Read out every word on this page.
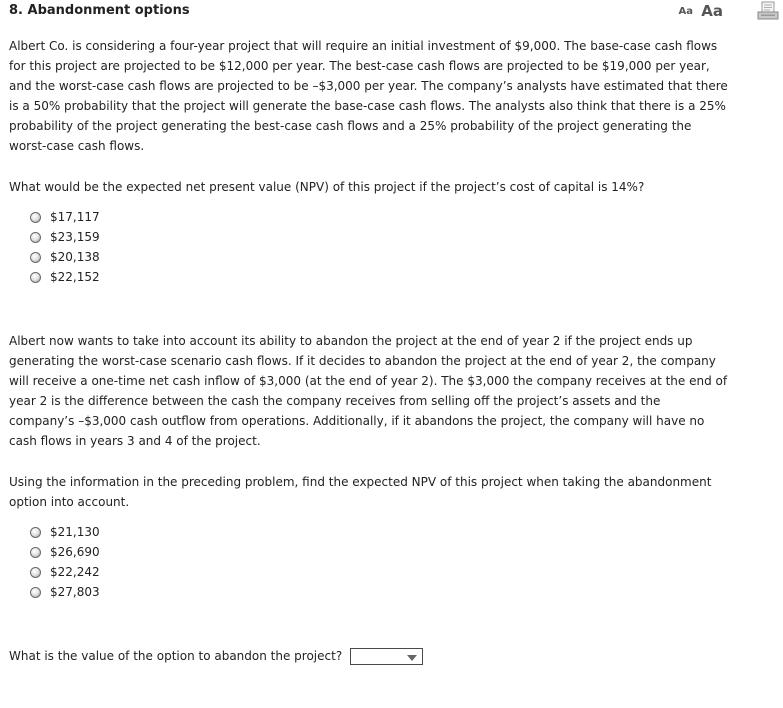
8. Abandonment options	Aa Aa

Albert Co. is considering a four-year project that will require an initial investment of $9,000. The base-case cash flows for this project are projected to be $12,000 per year. The best-case cash flows are projected to be $19,000 per year, and the worst-case cash flows are projected to be –$3,000 per year. The company’s analysts have estimated that there is a 50% probability that the project will generate the base-case cash flows. The analysts also think that there is a 25% probability of the project generating the best-case cash flows and a 25% probability of the project generating the worst-case cash flows.

What would be the expected net present value (NPV) of this project if the project’s cost of capital is 14%?

$17,117
$23,159
$20,138
$22,152

Albert now wants to take into account its ability to abandon the project at the end of year 2 if the project ends up generating the worst-case scenario cash flows. If it decides to abandon the project at the end of year 2, the company will receive a one-time net cash inflow of $3,000 (at the end of year 2). The $3,000 the company receives at the end of year 2 is the difference between the cash the company receives from selling off the project’s assets and the company’s –$3,000 cash outflow from operations. Additionally, if it abandons the project, the company will have no cash flows in years 3 and 4 of the project.

Using the information in the preceding problem, find the expected NPV of this project when taking the abandonment option into account.

$21,130
$26,690
$22,242
$27,803

What is the value of the option to abandon the project?
